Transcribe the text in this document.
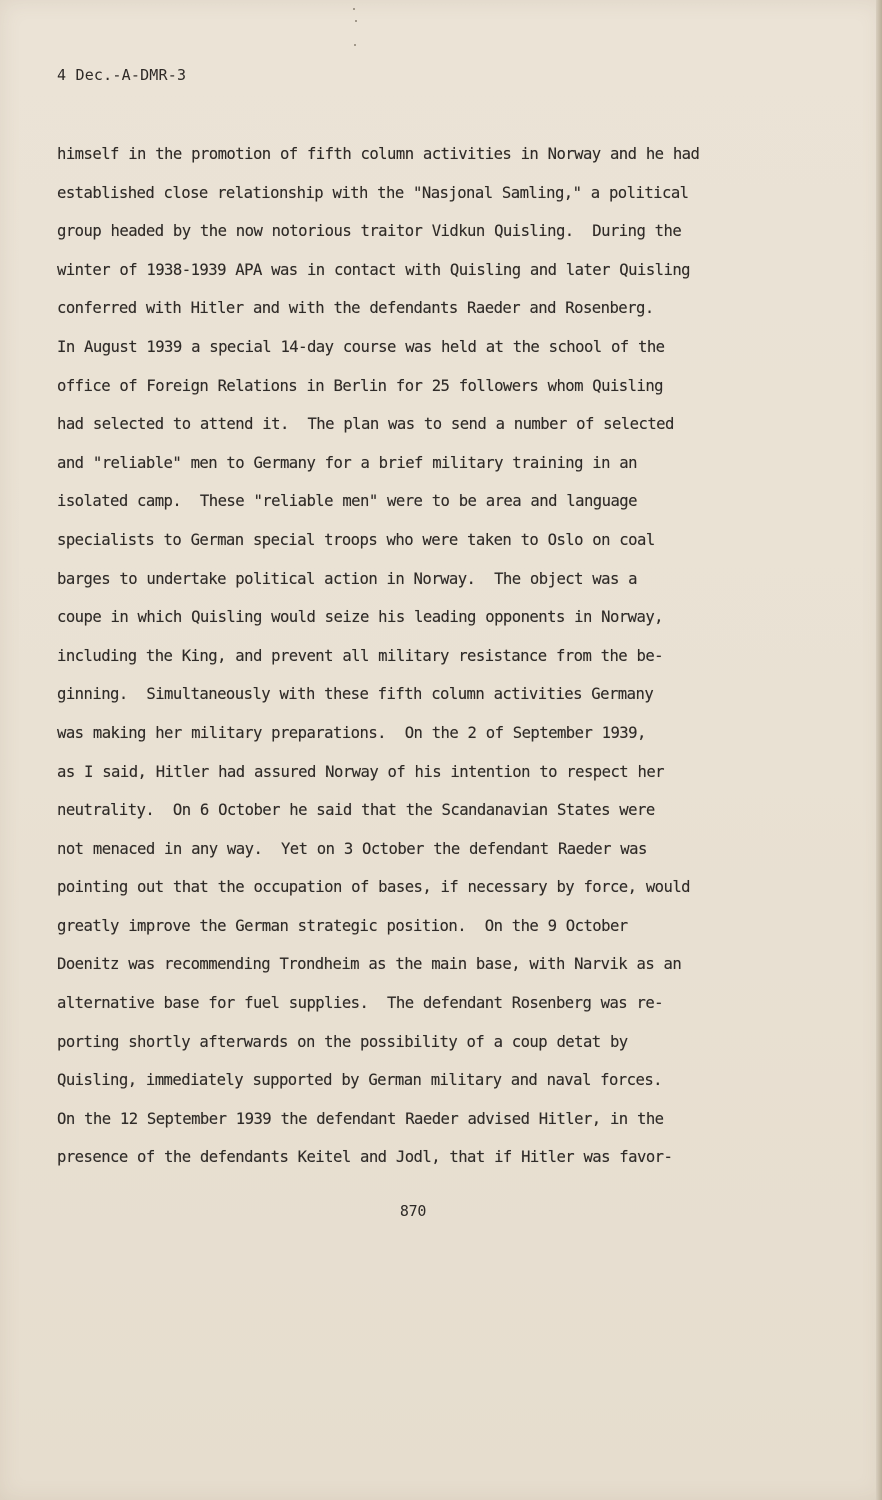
4 Dec.-A-DMR-3
himself in the promotion of fifth column activities in Norway and he had
established close relationship with the "Nasjonal Samling," a political
group headed by the now notorious traitor Vidkun Quisling.  During the
winter of 1938-1939 APA was in contact with Quisling and later Quisling
conferred with Hitler and with the defendants Raeder and Rosenberg.
In August 1939 a special 14-day course was held at the school of the
office of Foreign Relations in Berlin for 25 followers whom Quisling
had selected to attend it.  The plan was to send a number of selected
and "reliable" men to Germany for a brief military training in an
isolated camp.  These "reliable men" were to be area and language
specialists to German special troops who were taken to Oslo on coal
barges to undertake political action in Norway.  The object was a
coupe in which Quisling would seize his leading opponents in Norway,
including the King, and prevent all military resistance from the be-
ginning.  Simultaneously with these fifth column activities Germany
was making her military preparations.  On the 2 of September 1939,
as I said, Hitler had assured Norway of his intention to respect her
neutrality.  On 6 October he said that the Scandanavian States were
not menaced in any way.  Yet on 3 October the defendant Raeder was
pointing out that the occupation of bases, if necessary by force, would
greatly improve the German strategic position.  On the 9 October
Doenitz was recommending Trondheim as the main base, with Narvik as an
alternative base for fuel supplies.  The defendant Rosenberg was re-
porting shortly afterwards on the possibility of a coup detat by
Quisling, immediately supported by German military and naval forces.
On the 12 September 1939 the defendant Raeder advised Hitler, in the
presence of the defendants Keitel and Jodl, that if Hitler was favor-
870
